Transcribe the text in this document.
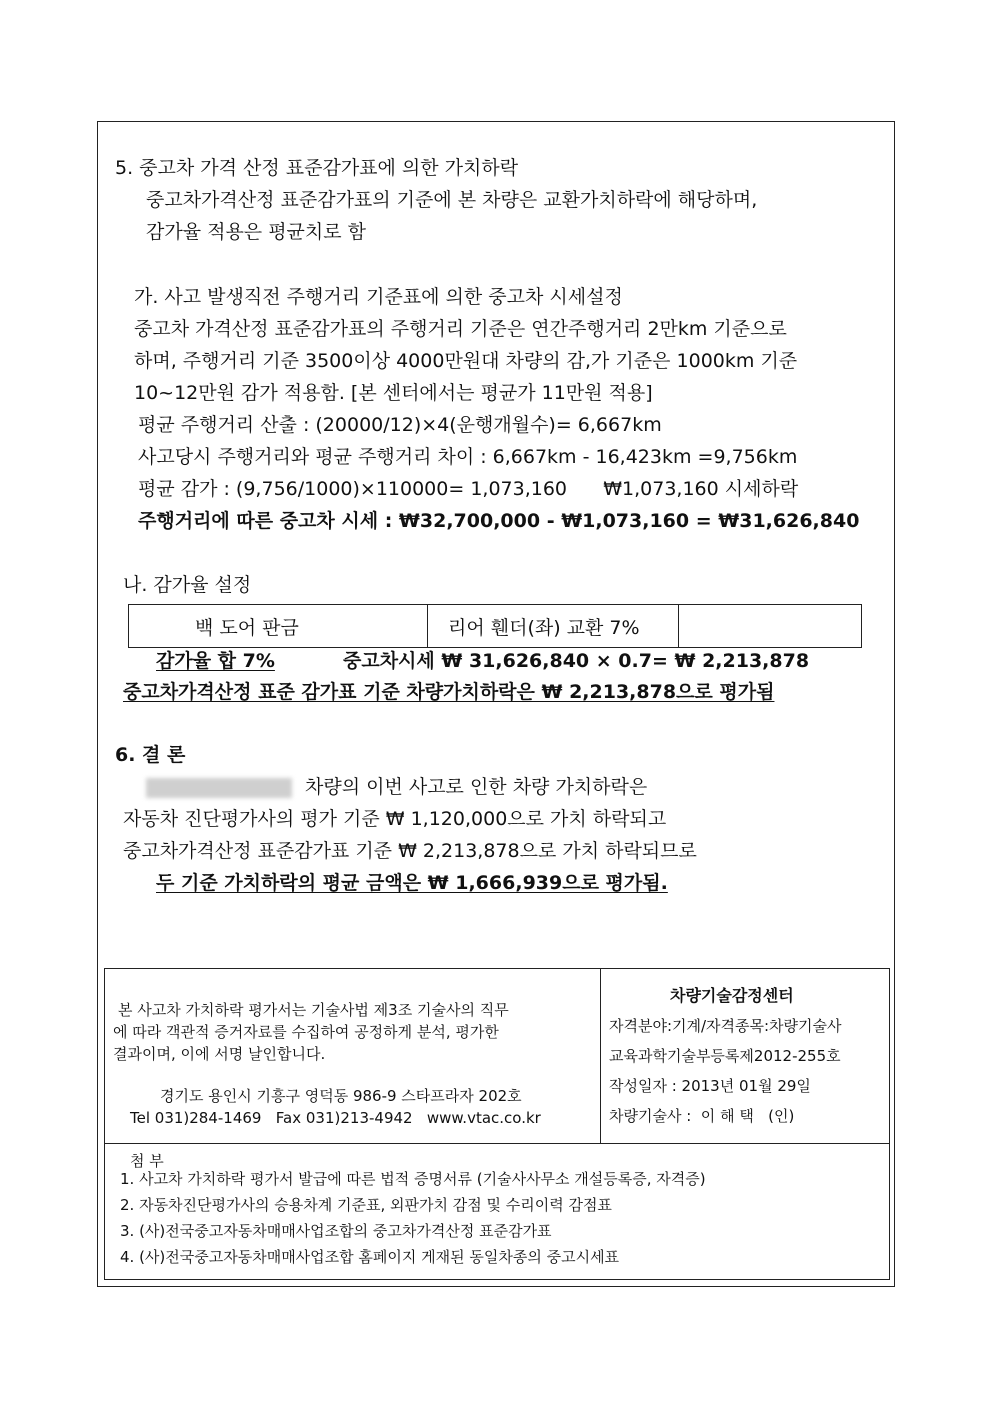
5. 중고차 가격 산정 표준감가표에 의한 가치하락
중고차가격산정 표준감가표의 기준에 본 차량은 교환가치하락에 해당하며,
감가율 적용은 평균치로 함
가. 사고 발생직전 주행거리 기준표에 의한 중고차 시세설정
중고차 가격산정 표준감가표의 주행거리 기준은 연간주행거리 2만km 기준으로
하며, 주행거리 기준 3500이상 4000만원대 차량의 감,가 기준은 1000km 기준
10~12만원 감가 적용함. [본 센터에서는 평균가 11만원 적용]
평균 주행거리 산출 : (20000/12)×4(운행개월수)= 6,667km
사고당시 주행거리와 평균 주행거리 차이 : 6,667km - 16,423km =9,756km
평균 감가 : (9,756/1000)×110000= 1,073,160      ₩1,073,160 시세하락
주행거리에 따른 중고차 시세 : ₩32,700,000 - ₩1,073,160 = ₩31,626,840
나. 감가율 설정
백 도어 판금	리어 휀더(좌) 교환 7%	
감가율 합 7%	중고차시세 ₩ 31,626,840 × 0.7= ₩ 2,213,878
중고차가격산정 표준 감가표 기준 차량가치하락은 ₩ 2,213,878으로 평가됨
6. 결 론
차량의 이번 사고로 인한 차량 가치하락은
자동차 진단평가사의 평가 기준 ₩ 1,120,000으로 가치 하락되고
중고차가격산정 표준감가표 기준 ₩ 2,213,878으로 가치 하락되므로
두 기준 가치하락의 평균 금액은 ₩ 1,666,939으로 평가됨.
본 사고차 가치하락 평가서는 기술사법 제3조 기술사의 직무
에 따라 객관적 증거자료를 수집하여 공정하게 분석, 평가한
결과이며, 이에 서명 날인합니다.
경기도 용인시 기흥구 영덕동 986-9 스타프라자 202호
Tel 031)284-1469   Fax 031)213-4942   www.vtac.co.kr
차량기술감정센터
자격분야:기계/자격종목:차량기술사
교육과학기술부등록제2012-255호
작성일자 : 2013년 01월 29일
차량기술사 :  이 해 택   (인)
첨 부
1. 사고차 가치하락 평가서 발급에 따른 법적 증명서류 (기술사사무소 개설등록증, 자격증)
2. 자동차진단평가사의 승용차계 기준표, 외판가치 감점 및 수리이력 감점표
3. (사)전국중고자동차매매사업조합의 중고차가격산정 표준감가표
4. (사)전국중고자동차매매사업조합 홈페이지 게재된 동일차종의 중고시세표
